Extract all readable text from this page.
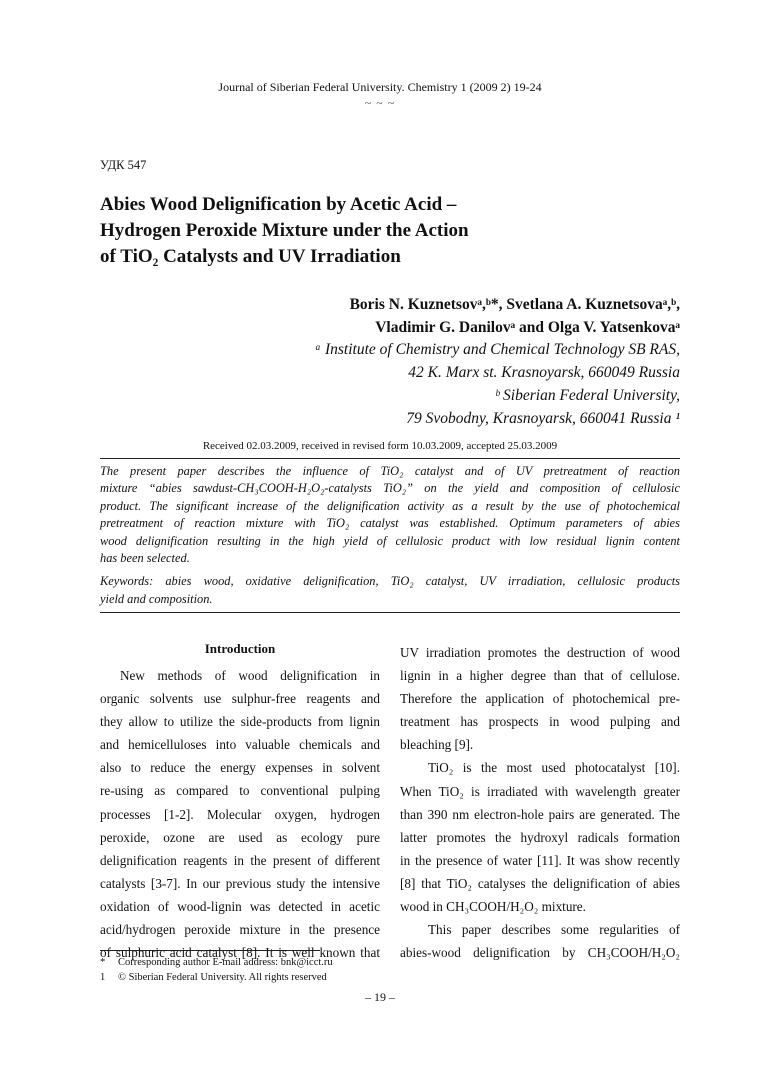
Journal of Siberian Federal University. Chemistry 1 (2009 2) 19-24
~ ~ ~
УДК 547
Abies Wood Delignification by Acetic Acid –
Hydrogen Peroxide Mixture under the Action
of TiO₂ Catalysts and UV Irradiation
Boris N. Kuznetsovᵃ,ᵇ*, Svetlana A. Kuznetsovaᵃ,ᵇ,
Vladimir G. Danilovᵃ and Olga V. Yatsenkovaᵃ
ᵃ Institute of Chemistry and Chemical Technology SB RAS,
42 K. Marx st. Krasnoyarsk, 660049 Russia
ᵇ Siberian Federal University,
79 Svobodny, Krasnoyarsk, 660041 Russia ¹
Received 02.03.2009, received in revised form 10.03.2009, accepted 25.03.2009
The present paper describes the influence of TiO₂ catalyst and of UV pretreatment of reaction
mixture “abies sawdust-CH₃COOH-H₂O₂-catalysts TiO₂” on the yield and composition of cellulosic
product. The significant increase of the delignification activity as a result by the use of photochemical
pretreatment of reaction mixture with TiO₂ catalyst was established. Optimum parameters of abies
wood delignification resulting in the high yield of cellulosic product with low residual lignin content
has been selected.
Keywords: abies wood, oxidative delignification, TiO₂ catalyst, UV irradiation, cellulosic products
yield and composition.
Introduction
New methods of wood delignification in
organic solvents use sulphur-free reagents and
they allow to utilize the side-products from lignin
and hemicelluloses into valuable chemicals and
also to reduce the energy expenses in solvent
re-using as compared to conventional pulping
processes [1-2]. Molecular oxygen, hydrogen
peroxide, ozone are used as ecology pure
delignification reagents in the present of different
catalysts [3-7]. In our previous study the intensive
oxidation of wood-lignin was detected in acetic
acid/hydrogen peroxide mixture in the presence
of sulphuric acid catalyst [8]. It is well known that
UV irradiation promotes the destruction of wood
lignin in a higher degree than that of cellulose.
Therefore the application of photochemical pre-
treatment has prospects in wood pulping and
bleaching [9].
TiO₂ is the most used photocatalyst [10].
When TiO₂ is irradiated with wavelength greater
than 390 nm electron-hole pairs are generated. The
latter promotes the hydroxyl radicals formation
in the presence of water [11]. It was show recently
[8] that TiO₂ catalyses the delignification of abies
wood in CH₃COOH/H₂O₂ mixture.
This paper describes some regularities of
abies-wood delignification by CH₃COOH/H₂O₂
* Corresponding author E-mail address: bnk@icct.ru
1 © Siberian Federal University. All rights reserved
– 19 –
